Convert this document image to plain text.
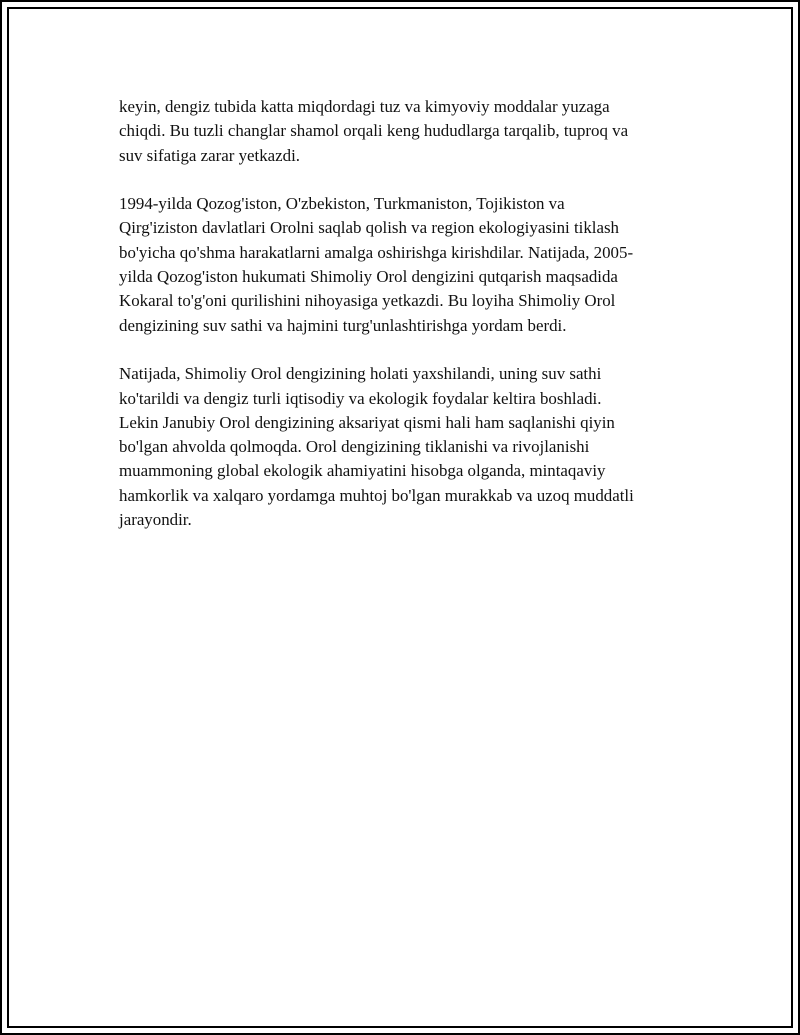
keyin, dengiz tubida katta miqdordagi tuz va kimyoviy moddalar yuzaga
chiqdi. Bu tuzli changlar shamol orqali keng hududlarga tarqalib, tuproq va
suv sifatiga zarar yetkazdi.

1994-yilda Qozog'iston, O'zbekiston, Turkmaniston, Tojikiston va
Qirg'iziston davlatlari Orolni saqlab qolish va region ekologiyasini tiklash
bo'yicha qo'shma harakatlarni amalga oshirishga kirishdilar. Natijada, 2005-
yilda Qozog'iston hukumati Shimoliy Orol dengizini qutqarish maqsadida
Kokaral to'g'oni qurilishini nihoyasiga yetkazdi. Bu loyiha Shimoliy Orol
dengizining suv sathi va hajmini turg'unlashtirishga yordam berdi.

Natijada, Shimoliy Orol dengizining holati yaxshilandi, uning suv sathi
ko'tarildi va dengiz turli iqtisodiy va ekologik foydalar keltira boshladi.
Lekin Janubiy Orol dengizining aksariyat qismi hali ham saqlanishi qiyin
bo'lgan ahvolda qolmoqda. Orol dengizining tiklanishi va rivojlanishi
muammoning global ekologik ahamiyatini hisobga olganda, mintaqaviy
hamkorlik va xalqaro yordamga muhtoj bo'lgan murakkab va uzoq muddatli
jarayondir.
